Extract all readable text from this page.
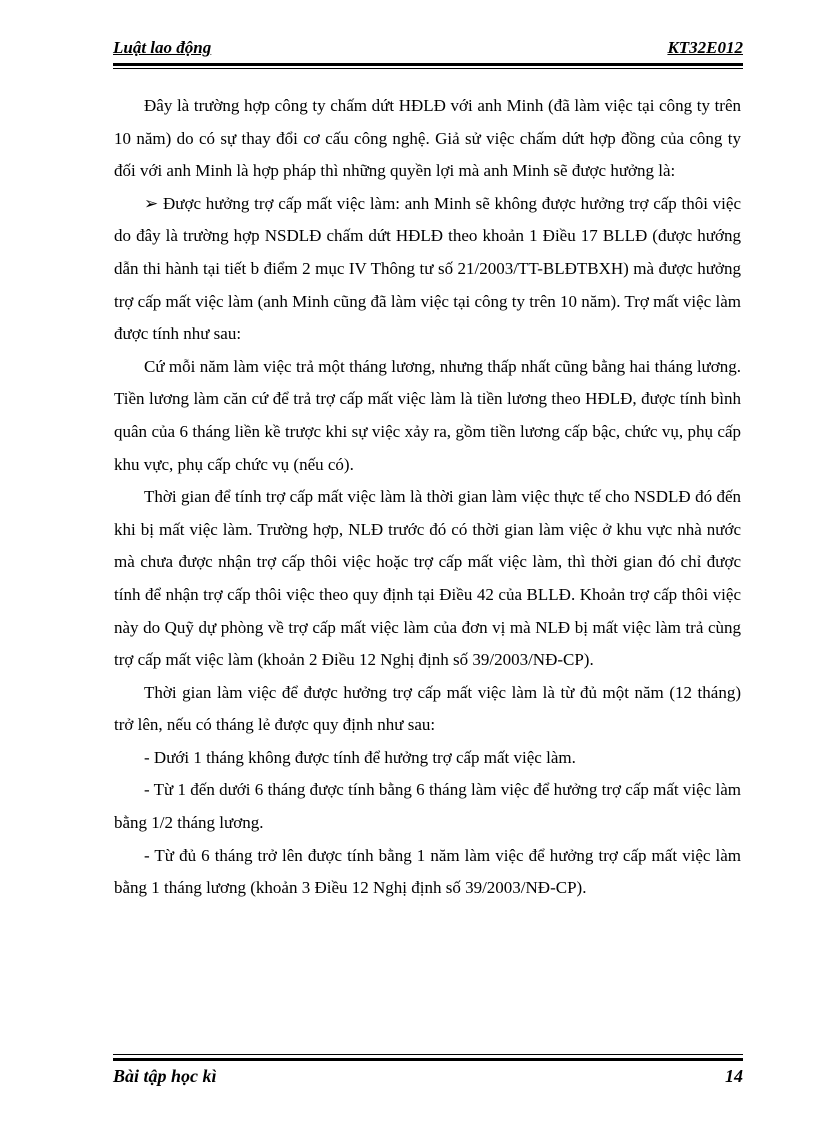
Luật lao động	KT32E012

Đây là trường hợp công ty chấm dứt HĐLĐ với anh Minh (đã làm việc tại công ty trên 10 năm) do có sự thay đổi cơ cấu công nghệ. Giả sử việc chấm dứt hợp đồng của công ty đối với anh Minh là hợp pháp thì những quyền lợi mà anh Minh sẽ được hưởng là:

➢ Được hưởng trợ cấp mất việc làm: anh Minh sẽ không được hưởng trợ cấp thôi việc do đây là trường hợp NSDLĐ chấm dứt HĐLĐ theo khoản 1 Điều 17 BLLĐ (được hướng dẫn thi hành tại tiết b điểm 2 mục IV Thông tư số 21/2003/TT-BLĐTBXH) mà được hưởng trợ cấp mất việc làm (anh Minh cũng đã làm việc tại công ty trên 10 năm). Trợ mất việc làm được tính như sau:

Cứ mỗi năm làm việc trả một tháng lương, nhưng thấp nhất cũng bằng hai tháng lương. Tiền lương làm căn cứ để trả trợ cấp mất việc làm là tiền lương theo HĐLĐ, được tính bình quân của 6 tháng liền kề trược khi sự việc xảy ra, gồm tiền lương cấp bậc, chức vụ, phụ cấp khu vực, phụ cấp chức vụ (nếu có).

Thời gian để tính trợ cấp mất việc làm là thời gian làm việc thực tế cho NSDLĐ đó đến khi bị mất việc làm. Trường hợp, NLĐ trước đó có thời gian làm việc ở khu vực nhà nước mà chưa được nhận trợ cấp thôi việc hoặc trợ cấp mất việc làm, thì thời gian đó chỉ được tính để nhận trợ cấp thôi việc theo quy định tại Điều 42 của BLLĐ. Khoản trợ cấp thôi việc này do Quỹ dự phòng về trợ cấp mất việc làm của đơn vị mà NLĐ bị mất việc làm trả cùng trợ cấp mất việc làm (khoản 2 Điều 12 Nghị định số 39/2003/NĐ-CP).

Thời gian làm việc để được hưởng trợ cấp mất việc làm là từ đủ một năm (12 tháng) trở lên, nếu có tháng lẻ được quy định như sau:

- Dưới 1 tháng không được tính để hưởng trợ cấp mất việc làm.

- Từ 1 đến dưới 6 tháng được tính bằng 6 tháng làm việc để hưởng trợ cấp mất việc làm bằng 1/2 tháng lương.

- Từ đủ 6 tháng trở lên được tính bằng 1 năm làm việc để hưởng trợ cấp mất việc làm bằng 1 tháng lương (khoản 3 Điều 12 Nghị định số 39/2003/NĐ-CP).

Bài tập học kì	14
